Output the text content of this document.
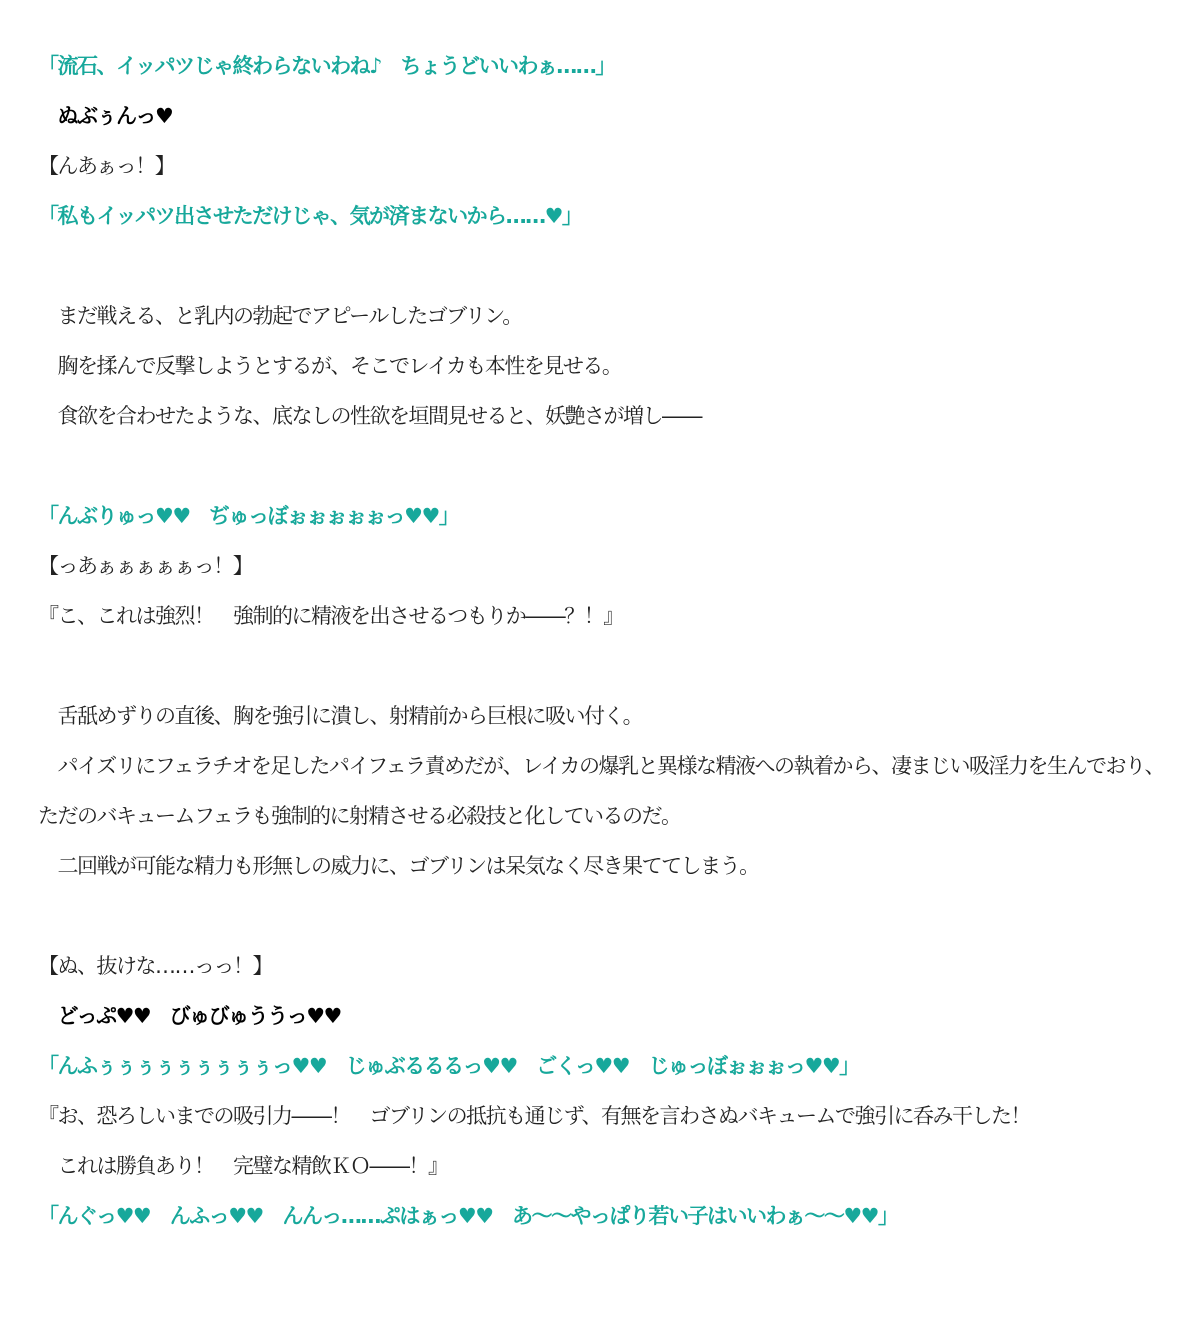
「流石、イッパツじゃ終わらないわね♪　ちょうどいいわぁ……」
　ぬぶぅんっ♥
【んあぁっ！】
「私もイッパツ出させただけじゃ、気が済まないから……♥」
　まだ戦える、と乳内の勃起でアピールしたゴブリン。
　胸を揉んで反撃しようとするが、そこでレイカも本性を見せる。
　食欲を合わせたような、底なしの性欲を垣間見せると、妖艶さが増し――
「んぶりゅっ♥♥　ぢゅっぼぉぉぉぉぉっ♥♥」
【っあぁぁぁぁぁっ！】
『こ、これは強烈！　強制的に精液を出させるつもりか――？！』
　舌舐めずりの直後、胸を強引に潰し、射精前から巨根に吸い付く。
　パイズリにフェラチオを足したパイフェラ責めだが、レイカの爆乳と異様な精液への執着から、凄まじい吸淫力を生んでおり、
ただのバキュームフェラも強制的に射精させる必殺技と化しているのだ。
　二回戦が可能な精力も形無しの威力に、ゴブリンは呆気なく尽き果ててしまう。
【ぬ、抜けな……っっ！】
　どっぷ♥♥　びゅびゅううっ♥♥
「んふぅぅぅぅぅぅぅぅぅっ♥♥　じゅぶるるるっ♥♥　ごくっ♥♥　じゅっぼぉぉぉっ♥♥」
『お、恐ろしいまでの吸引力――！　ゴブリンの抵抗も通じず、有無を言わさぬバキュームで強引に呑み干した！
　これは勝負あり！　完璧な精飲ＫＯ――！』
「んぐっ♥♥　んふっ♥♥　んんっ……ぷはぁっ♥♥　あ～～やっぱり若い子はいいわぁ～～♥♥」
